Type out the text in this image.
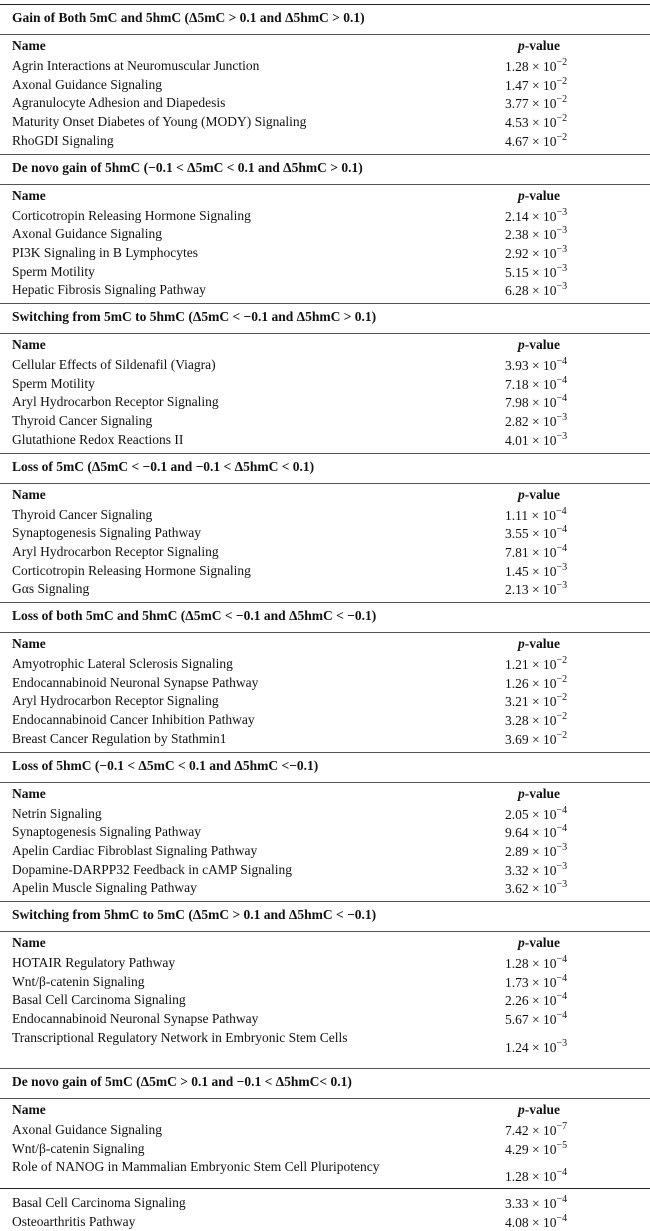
Gain of Both 5mC and 5hmC (Δ5mC > 0.1 and Δ5hmC > 0.1)
Name	p-value
Agrin Interactions at Neuromuscular Junction	$1.28 \times 10^{-2}$
Axonal Guidance Signaling	$1.47 \times 10^{-2}$
Agranulocyte Adhesion and Diapedesis	$3.77 \times 10^{-2}$
Maturity Onset Diabetes of Young (MODY) Signaling	$4.53 \times 10^{-2}$
RhoGDI Signaling	$4.67 \times 10^{-2}$
De novo gain of 5hmC (−0.1 < Δ5mC < 0.1 and Δ5hmC > 0.1)
Name	p-value
Corticotropin Releasing Hormone Signaling	$2.14 \times 10^{-3}$
Axonal Guidance Signaling	$2.38 \times 10^{-3}$
PI3K Signaling in B Lymphocytes	$2.92 \times 10^{-3}$
Sperm Motility	$5.15 \times 10^{-3}$
Hepatic Fibrosis Signaling Pathway	$6.28 \times 10^{-3}$
Switching from 5mC to 5hmC (Δ5mC < −0.1 and Δ5hmC > 0.1)
Name	p-value
Cellular Effects of Sildenafil (Viagra)	$3.93 \times 10^{-4}$
Sperm Motility	$7.18 \times 10^{-4}$
Aryl Hydrocarbon Receptor Signaling	$7.98 \times 10^{-4}$
Thyroid Cancer Signaling	$2.82 \times 10^{-3}$
Glutathione Redox Reactions II	$4.01 \times 10^{-3}$
Loss of 5mC (Δ5mC < −0.1 and −0.1 < Δ5hmC < 0.1)
Name	p-value
Thyroid Cancer Signaling	$1.11 \times 10^{-4}$
Synaptogenesis Signaling Pathway	$3.55 \times 10^{-4}$
Aryl Hydrocarbon Receptor Signaling	$7.81 \times 10^{-4}$
Corticotropin Releasing Hormone Signaling	$1.45 \times 10^{-3}$
Gαs Signaling	$2.13 \times 10^{-3}$
Loss of both 5mC and 5hmC (Δ5mC < −0.1 and Δ5hmC < −0.1)
Name	p-value
Amyotrophic Lateral Sclerosis Signaling	$1.21 \times 10^{-2}$
Endocannabinoid Neuronal Synapse Pathway	$1.26 \times 10^{-2}$
Aryl Hydrocarbon Receptor Signaling	$3.21 \times 10^{-2}$
Endocannabinoid Cancer Inhibition Pathway	$3.28 \times 10^{-2}$
Breast Cancer Regulation by Stathmin1	$3.69 \times 10^{-2}$
Loss of 5hmC (−0.1 < Δ5mC < 0.1 and Δ5hmC <−0.1)
Name	p-value
Netrin Signaling	$2.05 \times 10^{-4}$
Synaptogenesis Signaling Pathway	$9.64 \times 10^{-4}$
Apelin Cardiac Fibroblast Signaling Pathway	$2.89 \times 10^{-3}$
Dopamine-DARPP32 Feedback in cAMP Signaling	$3.32 \times 10^{-3}$
Apelin Muscle Signaling Pathway	$3.62 \times 10^{-3}$
Switching from 5hmC to 5mC (Δ5mC > 0.1 and Δ5hmC < −0.1)
Name	p-value
HOTAIR Regulatory Pathway	$1.28 \times 10^{-4}$
Wnt/β-catenin Signaling	$1.73 \times 10^{-4}$
Basal Cell Carcinoma Signaling	$2.26 \times 10^{-4}$
Endocannabinoid Neuronal Synapse Pathway	$5.67 \times 10^{-4}$
Transcriptional Regulatory Network in Embryonic Stem Cells
$1.24 \times 10^{-3}$
De novo gain of 5mC (Δ5mC > 0.1 and −0.1 < Δ5hmC< 0.1)
Name	p-value
Axonal Guidance Signaling	$7.42 \times 10^{-7}$
Wnt/β-catenin Signaling	$4.29 \times 10^{-5}$
Role of NANOG in Mammalian Embryonic Stem Cell Pluripotency
$1.28 \times 10^{-4}$
Basal Cell Carcinoma Signaling	$3.33 \times 10^{-4}$
Osteoarthritis Pathway	$4.08 \times 10^{-4}$
